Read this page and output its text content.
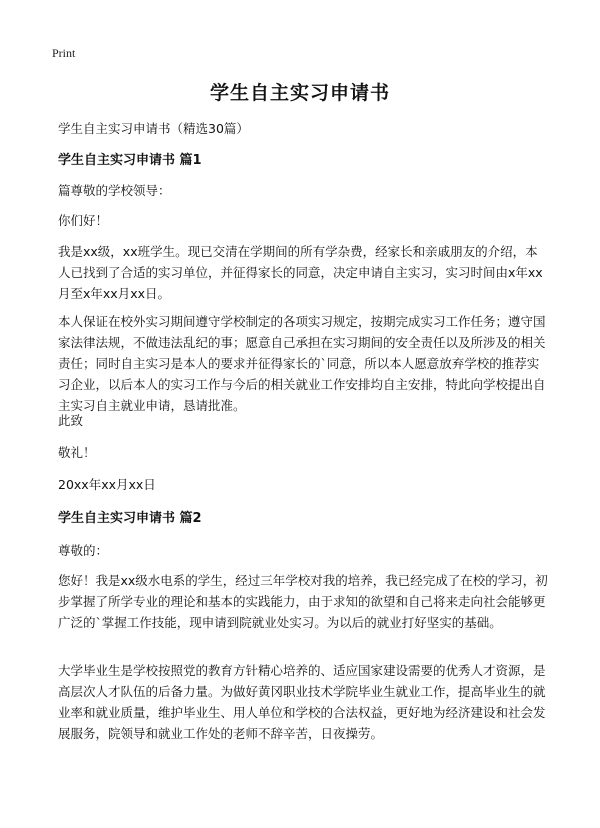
Print
学生自主实习申请书

学生自主实习申请书（精选30篇）

学生自主实习申请书 篇1

篇尊敬的学校领导：

你们好！

我是xx级，xx班学生。现已交清在学期间的所有学杂费，经家长和亲戚朋友的介绍，本人已找到了合适的实习单位，并征得家长的同意，决定申请自主实习，实习时间由x年xx月至x年xx月xx日。

本人保证在校外实习期间遵守学校制定的各项实习规定，按期完成实习工作任务；遵守国家法律法规，不做违法乱纪的事；愿意自己承担在实习期间的安全责任以及所涉及的相关责任；同时自主实习是本人的要求并征得家长的`同意，所以本人愿意放弃学校的推荐实习企业，以后本人的实习工作与今后的相关就业工作安排均自主安排，特此向学校提出自主实习自主就业申请，恳请批准。

此致

敬礼！

20xx年xx月xx日

学生自主实习申请书 篇2

尊敬的：

您好！我是xx级水电系的学生，经过三年学校对我的培养，我已经完成了在校的学习，初步掌握了所学专业的理论和基本的实践能力，由于求知的欲望和自己将来走向社会能够更广泛的`掌握工作技能，现申请到院就业处实习。为以后的就业打好坚实的基础。

大学毕业生是学校按照党的教育方针精心培养的、适应国家建设需要的优秀人才资源，是高层次人才队伍的后备力量。为做好黄冈职业技术学院毕业生就业工作，提高毕业生的就业率和就业质量，维护毕业生、用人单位和学校的合法权益，更好地为经济建设和社会发展服务，院领导和就业工作处的老师不辞辛苦，日夜操劳。
